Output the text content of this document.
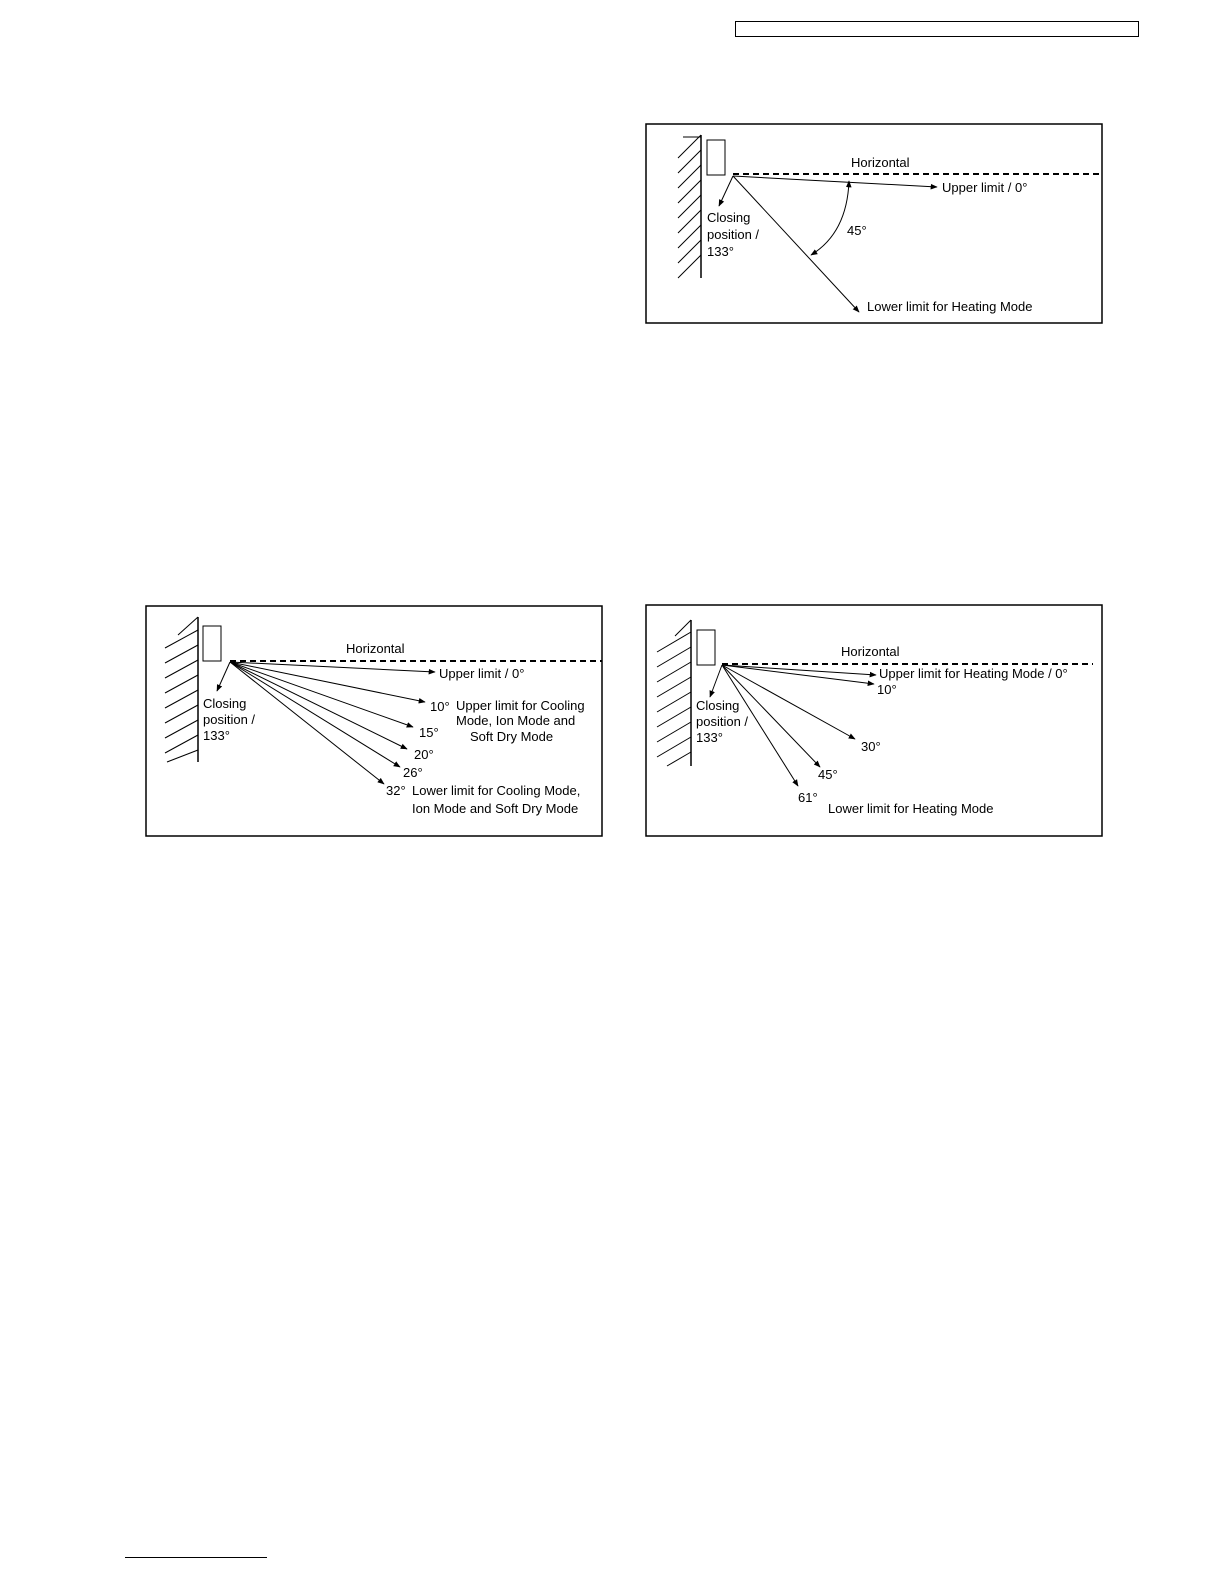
Horizontal
Upper limit / 0°
Closing
position /
133°
45°
Lower limit for Heating Mode
Horizontal
Upper limit / 0°
Closing
position /
133°
10° Upper limit for Cooling
Mode, Ion Mode and
Soft Dry Mode
15°
20°
26°
32° Lower limit for Cooling Mode,
Ion Mode and Soft Dry Mode
Horizontal
Upper limit for Heating Mode / 0°
10°
Closing
position /
133°
30°
45°
61°
Lower limit for Heating Mode
